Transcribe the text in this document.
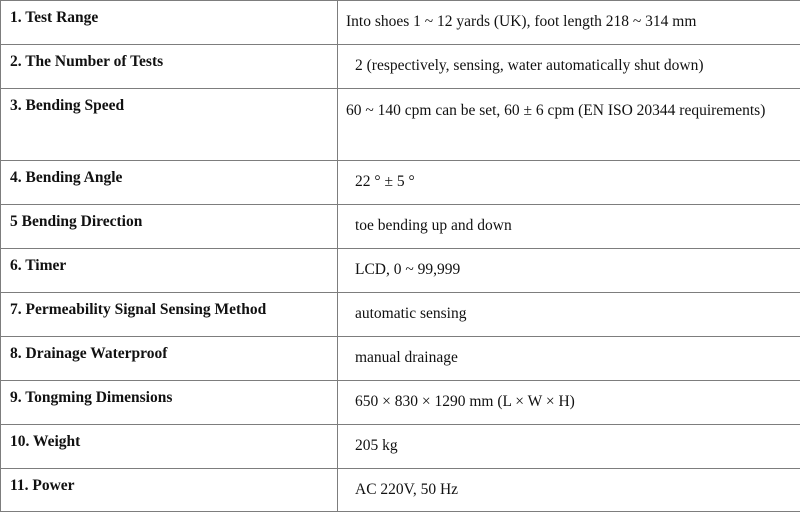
1. Test Range	Into shoes 1 ~ 12 yards (UK), foot length 218 ~ 314 mm
2. The Number of Tests	2 (respectively, sensing, water automatically shut down)
3. Bending Speed	60 ~ 140 cpm can be set, 60 ± 6 cpm (EN ISO 20344 requirements)
4. Bending Angle	22 ° ± 5 °
5 Bending Direction	toe bending up and down
6. Timer	LCD, 0 ~ 99,999
7. Permeability Signal Sensing Method	automatic sensing
8. Drainage Waterproof	manual drainage
9. Tongming Dimensions	650 × 830 × 1290 mm (L × W × H)
10. Weight	205 kg
11. Power	AC 220V, 50 Hz
